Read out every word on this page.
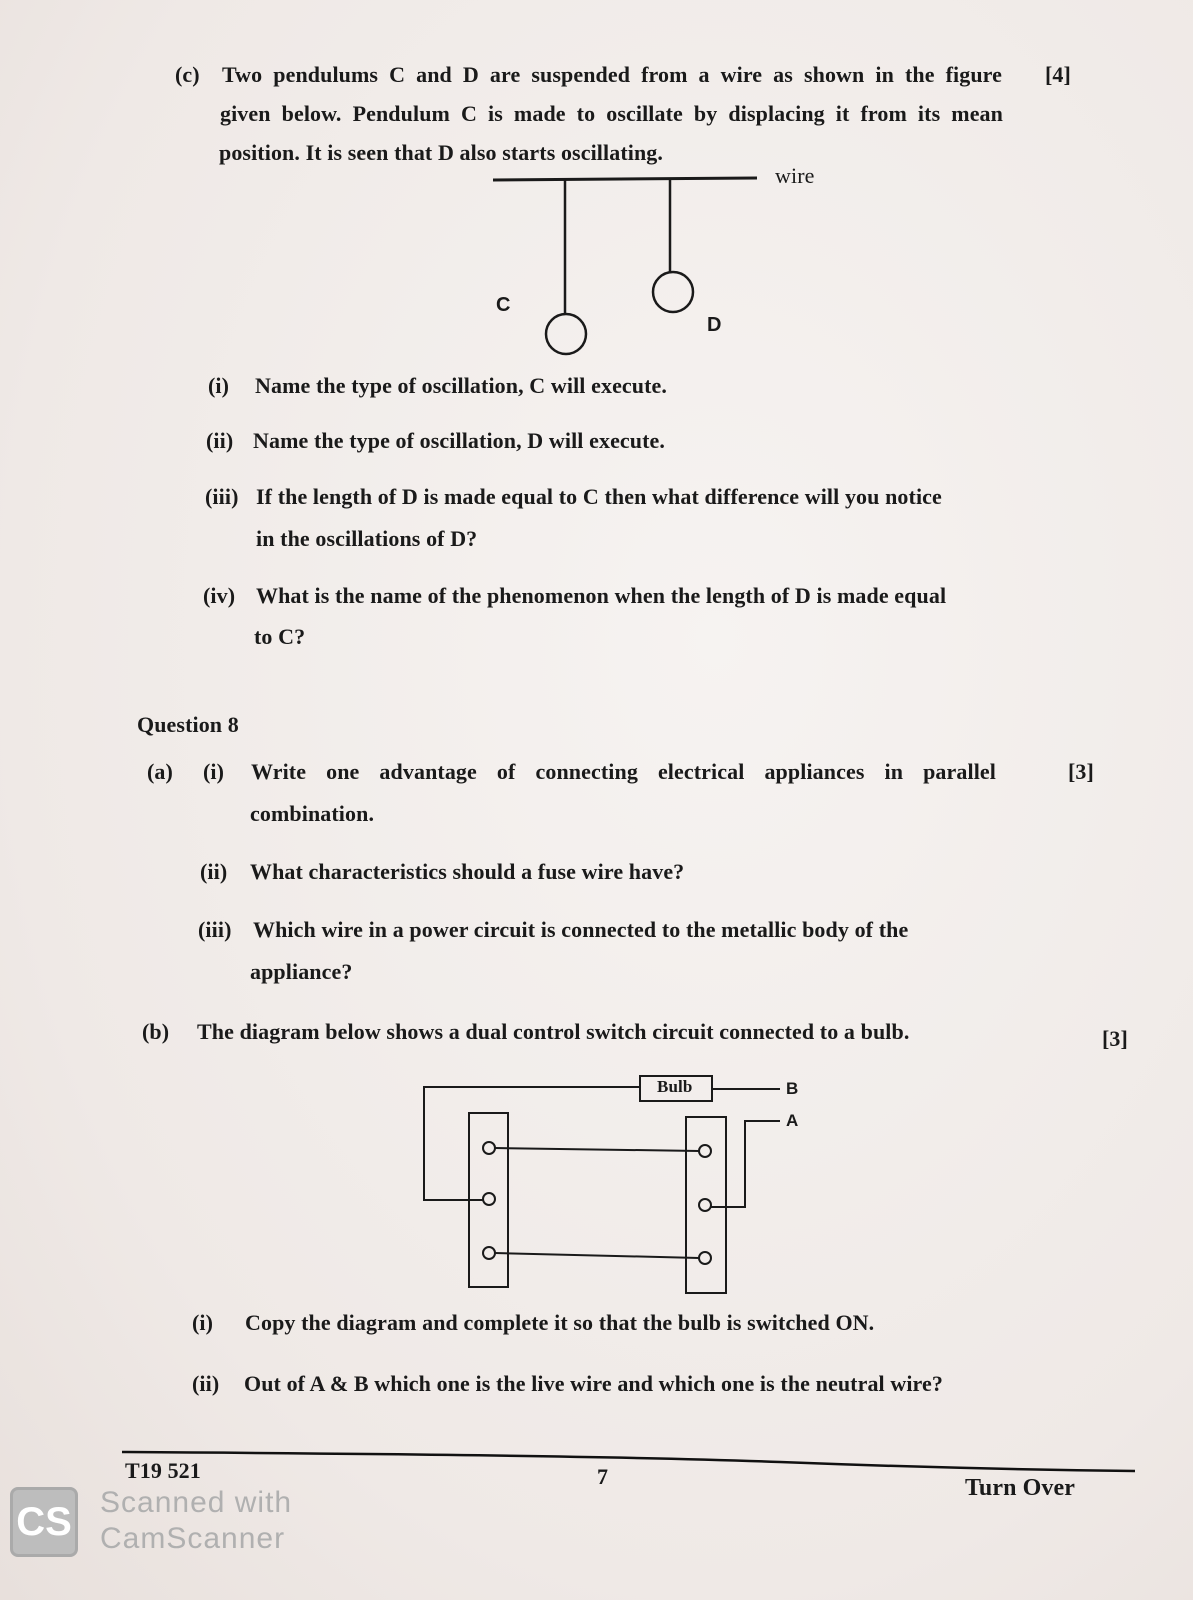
(c) Two pendulums C and D are suspended from a wire as shown in the figure [4]
given below. Pendulum C is made to oscillate by displacing it from its mean
position. It is seen that D also starts oscillating.
wire
C
D
(i) Name the type of oscillation, C will execute.
(ii) Name the type of oscillation, D will execute.
(iii) If the length of D is made equal to C then what difference will you notice
in the oscillations of D?
(iv) What is the name of the phenomenon when the length of D is made equal
to C?
Question 8
(a) (i) Write one advantage of connecting electrical appliances in parallel	[3]
combination.
(ii) What characteristics should a fuse wire have?
(iii) Which wire in a power circuit is connected to the metallic body of the
appliance?
(b) The diagram below shows a dual control switch circuit connected to a bulb.	[3]
Bulb	B
A
(i) Copy the diagram and complete it so that the bulb is switched ON.
(ii) Out of A & B which one is the live wire and which one is the neutral wire?
T19 521	7	Turn Over
CS Scanned with
CamScanner
